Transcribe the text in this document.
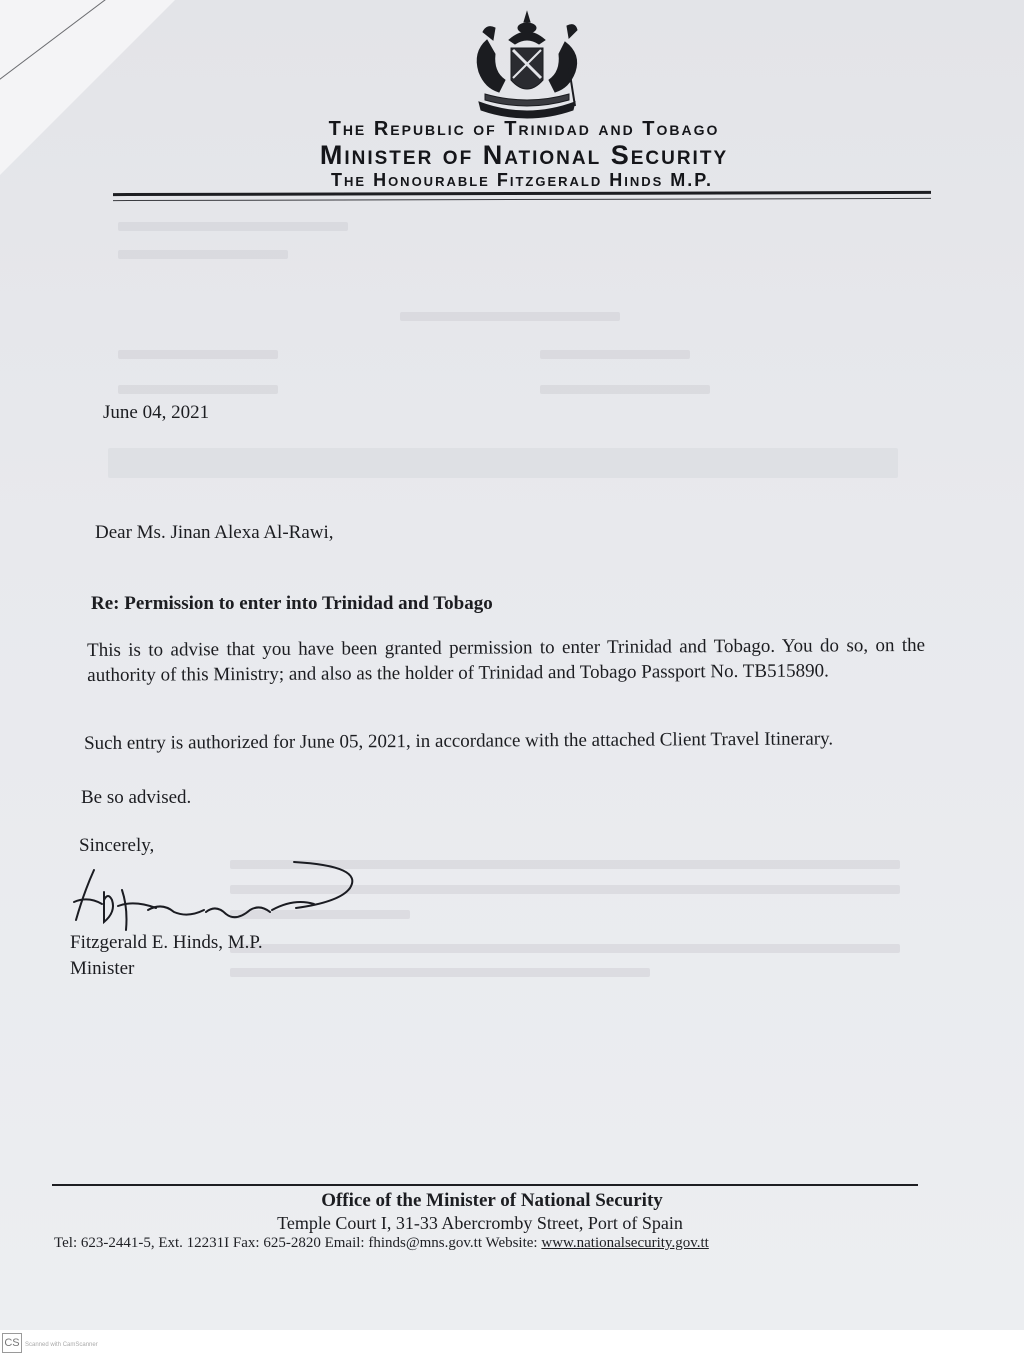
The Republic of Trinidad and Tobago
Minister of National Security
The Honourable Fitzgerald Hinds M.P.
June 04, 2021
Dear Ms. Jinan Alexa Al-Rawi,
Re: Permission to enter into Trinidad and Tobago
This is to advise that you have been granted permission to enter Trinidad and Tobago. You do so, on the authority of this Ministry; and also as the holder of Trinidad and Tobago Passport No. TB515890.
Such entry is authorized for June 05, 2021, in accordance with the attached Client Travel Itinerary.
Be so advised.
Sincerely,
Fitzgerald E. Hinds, M.P.
Minister
Office of the Minister of National Security
Temple Court I, 31-33 Abercromby Street, Port of Spain
Tel: 623-2441-5, Ext. 12231I Fax: 625-2820 Email: fhinds@mns.gov.tt Website: www.nationalsecurity.gov.tt
CS Scanned with CamScanner
